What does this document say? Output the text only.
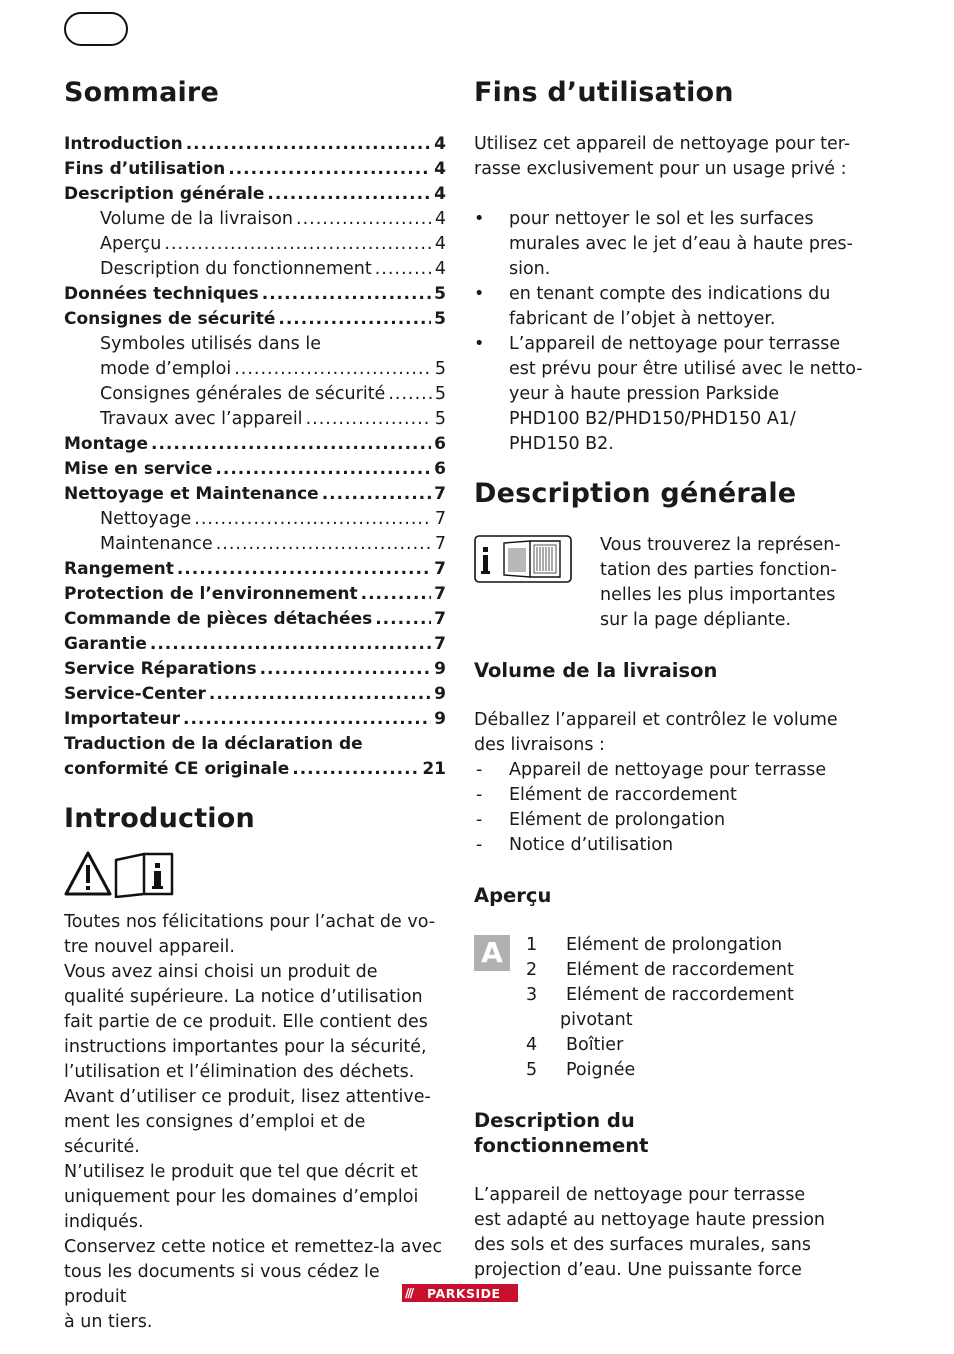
Sommaire
Introduction .....	4
Fins d’utilisation .....	4
Description générale .....	4
Volume de la livraison .....	4
Aperçu .....	4
Description du fonctionnement .....	4
Données techniques .....	5
Consignes de sécurité .....	5
Symboles utilisés dans le
mode d’emploi .....	5
Consignes générales de sécurité .....	5
Travaux avec l’appareil .....	5
Montage .....	6
Mise en service .....	6
Nettoyage et Maintenance .....	7
Nettoyage .....	7
Maintenance .....	7
Rangement .....	7
Protection de l’environnement .....	7
Commande de pièces détachées .....	7
Garantie .....	7
Service Réparations .....	9
Service-Center .....	9
Importateur .....	9
Traduction de la déclaration de
conformité CE originale .....	21
Introduction
Toutes nos félicitations pour l’achat de vo-
tre nouvel appareil.
Vous avez ainsi choisi un produit de
qualité supérieure. La notice d’utilisation
fait partie de ce produit. Elle contient des
instructions importantes pour la sécurité,
l’utilisation et l’élimination des déchets.
Avant d’utiliser ce produit, lisez attentive-
ment les consignes d’emploi et de sécurité.
N’utilisez le produit que tel que décrit et
uniquement pour les domaines d’emploi
indiqués.
Conservez cette notice et remettez-la avec
tous les documents si vous cédez le produit
à un tiers.
Fins d’utilisation
Utilisez cet appareil de nettoyage pour ter-
rasse exclusivement pour un usage privé :
• pour nettoyer le sol et les surfaces
murales avec le jet d’eau à haute pres-
sion.
• en tenant compte des indications du
fabricant de l’objet à nettoyer.
• L’appareil de nettoyage pour terrasse
est prévu pour être utilisé avec le netto-
yeur à haute pression Parkside
PHD100 B2/PHD150/PHD150 A1/
PHD150 B2.
Description générale
Vous trouverez la représen-
tation des parties fonction-
nelles les plus importantes
sur la page dépliante.
Volume de la livraison
Déballez l’appareil et contrôlez le volume
des livraisons :
- Appareil de nettoyage pour terrasse
- Elément de raccordement
- Elément de prolongation
- Notice d’utilisation
Aperçu
A	1	Elément de prolongation
2	Elément de raccordement
3	Elément de raccordement
pivotant
4	Boîtier
5	Poignée
Description du
fonctionnement
L’appareil de nettoyage pour terrasse
est adapté au nettoyage haute pression
des sols et des surfaces murales, sans
projection d’eau. Une puissante force
///	PARKSIDE
